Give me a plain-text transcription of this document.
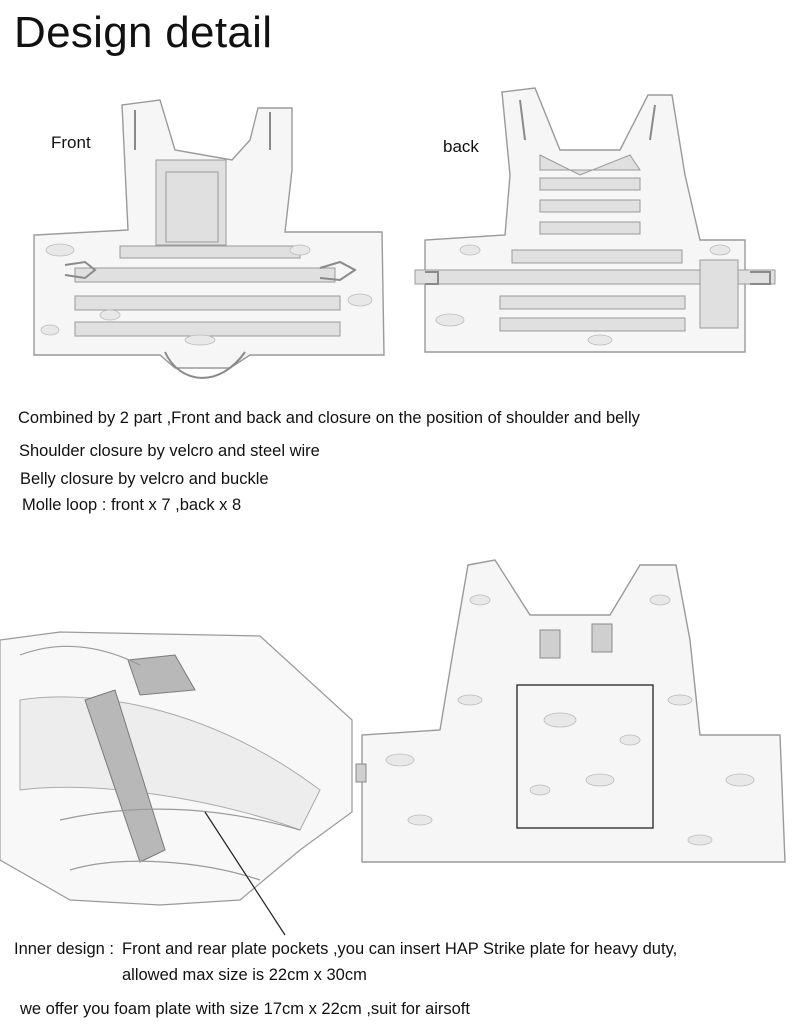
Design detail
Front	back
Combined by 2 part ,Front and back and closure on the position of shoulder and belly
Shoulder closure by velcro and steel wire
Belly closure by velcro and buckle
Molle loop : front x 7 ,back x 8
Inner design : Front and rear plate pockets ,you can insert HAP Strike plate for heavy duty,
allowed max size is 22cm x 30cm
we offer you foam plate with size 17cm x 22cm ,suit for airsoft
